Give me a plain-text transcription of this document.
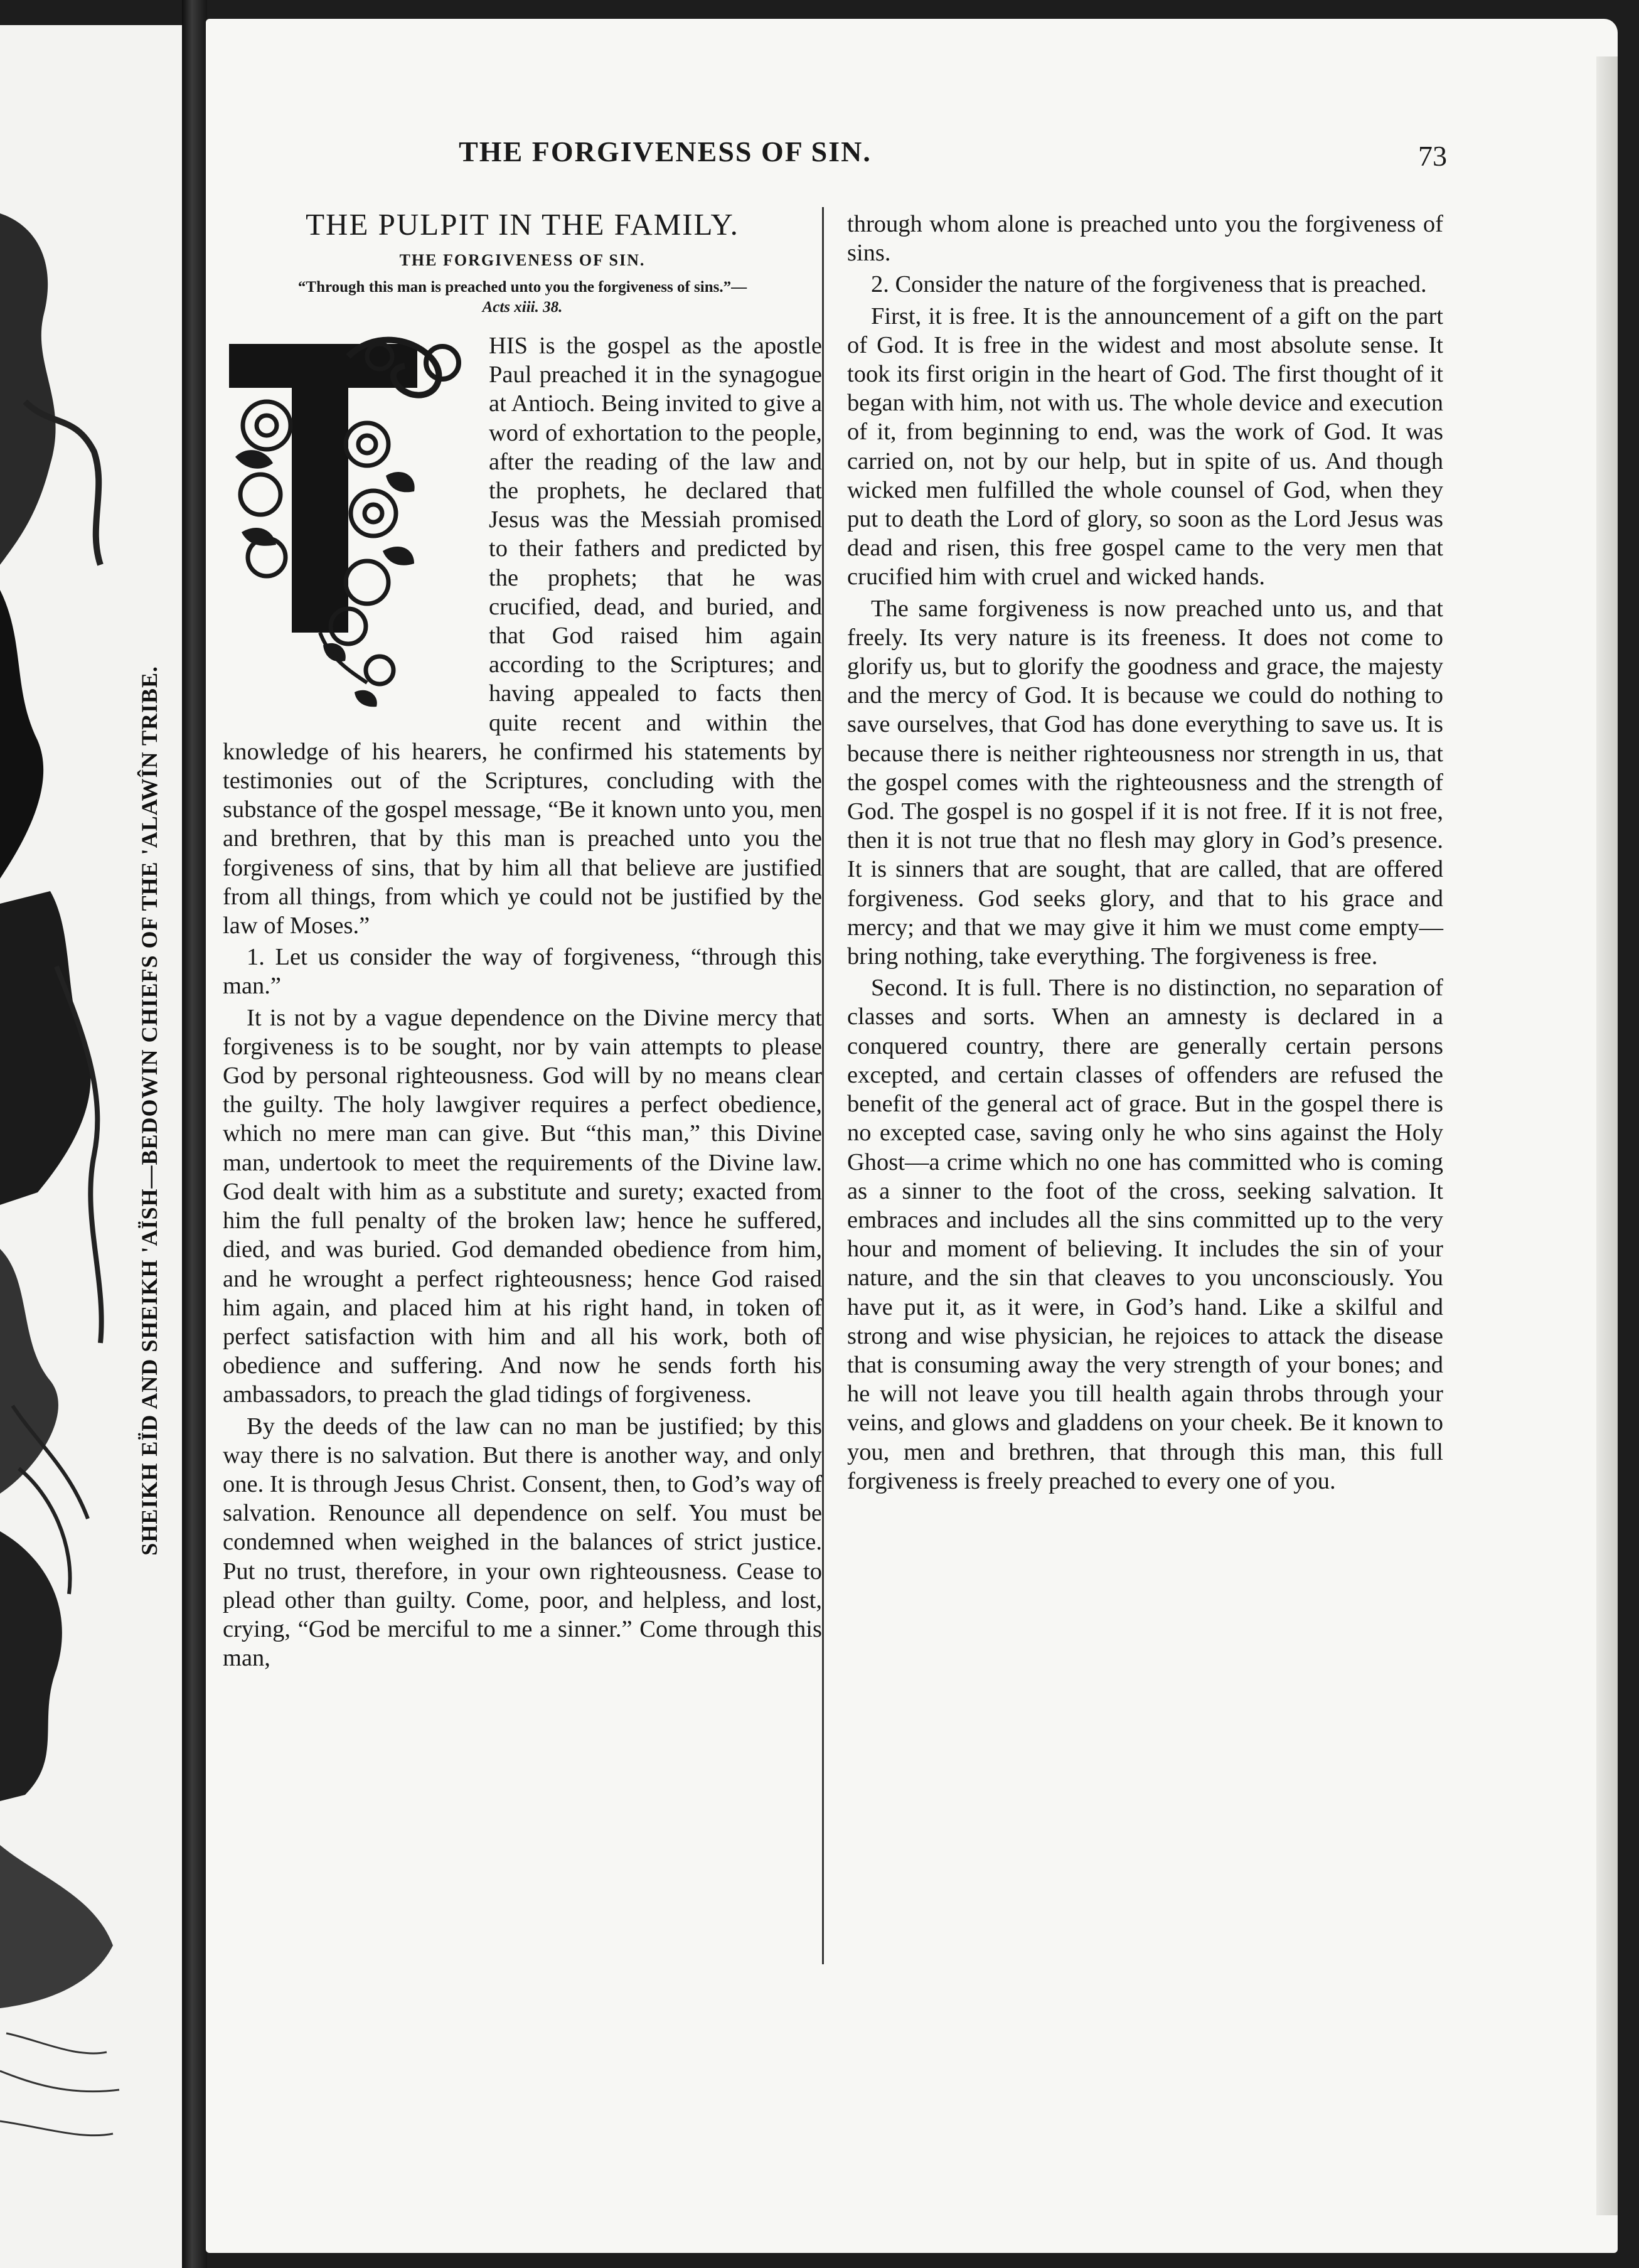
SHEIKH EÏD AND SHEIKH 'AÏSH—BEDOWIN CHIEFS OF THE 'ALAWÎN TRIBE.
THE FORGIVENESS OF SIN.	73
THE PULPIT IN THE FAMILY.
THE FORGIVENESS OF SIN.
“Through this man is preached unto you the forgiveness of sins.”—
Acts xiii. 38.

HIS is the gospel as the apostle Paul preached it in the synagogue at Antioch. Being invited to give a word of exhortation to the people, after the reading of the law and the prophets, he declared that Jesus was the Messiah promised to their fathers and predicted by the prophets; that he was crucified, dead, and buried, and that God raised him again according to the Scriptures; and having appealed to facts then quite recent and within the knowledge of his hearers, he confirmed his statements by testimonies out of the Scriptures, concluding with the substance of the gospel message, “Be it known unto you, men and brethren, that by this man is preached unto you the forgiveness of sins, that by him all that believe are justified from all things, from which ye could not be justified by the law of Moses.”

1. Let us consider the way of forgiveness, “through this man.”

It is not by a vague dependence on the Divine mercy that forgiveness is to be sought, nor by vain attempts to please God by personal righteousness. God will by no means clear the guilty. The holy lawgiver requires a perfect obedience, which no mere man can give. But “this man,” this Divine man, undertook to meet the requirements of the Divine law. God dealt with him as a substitute and surety; exacted from him the full penalty of the broken law; hence he suffered, died, and was buried. God demanded obedience from him, and he wrought a perfect righteousness; hence God raised him again, and placed him at his right hand, in token of perfect satisfaction with him and all his work, both of obedience and suffering. And now he sends forth his ambassadors, to preach the glad tidings of forgiveness.

By the deeds of the law can no man be justified; by this way there is no salvation. But there is another way, and only one. It is through Jesus Christ. Consent, then, to God’s way of salvation. Renounce all dependence on self. You must be condemned when weighed in the balances of strict justice. Put no trust, therefore, in your own righteousness. Cease to plead other than guilty. Come, poor, and helpless, and lost, crying, “God be merciful to me a sinner.” Come through this man,

through whom alone is preached unto you the forgiveness of sins.

2. Consider the nature of the forgiveness that is preached.

First, it is free. It is the announcement of a gift on the part of God. It is free in the widest and most absolute sense. It took its first origin in the heart of God. The first thought of it began with him, not with us. The whole device and execution of it, from beginning to end, was the work of God. It was carried on, not by our help, but in spite of us. And though wicked men fulfilled the whole counsel of God, when they put to death the Lord of glory, so soon as the Lord Jesus was dead and risen, this free gospel came to the very men that crucified him with cruel and wicked hands.

The same forgiveness is now preached unto us, and that freely. Its very nature is its freeness. It does not come to glorify us, but to glorify the goodness and grace, the majesty and the mercy of God. It is because we could do nothing to save ourselves, that God has done everything to save us. It is because there is neither righteousness nor strength in us, that the gospel comes with the righteousness and the strength of God. The gospel is no gospel if it is not free. If it is not free, then it is not true that no flesh may glory in God’s presence. It is sinners that are sought, that are called, that are offered forgiveness. God seeks glory, and that to his grace and mercy; and that we may give it him we must come empty—bring nothing, take everything. The forgiveness is free.

Second. It is full. There is no distinction, no separation of classes and sorts. When an amnesty is declared in a conquered country, there are generally certain persons excepted, and certain classes of offenders are refused the benefit of the general act of grace. But in the gospel there is no excepted case, saving only he who sins against the Holy Ghost—a crime which no one has committed who is coming as a sinner to the foot of the cross, seeking salvation. It embraces and includes all the sins committed up to the very hour and moment of believing. It includes the sin of your nature, and the sin that cleaves to you unconsciously. You have put it, as it were, in God’s hand. Like a skilful and strong and wise physician, he rejoices to attack the disease that is consuming away the very strength of your bones; and he will not leave you till health again throbs through your veins, and glows and gladdens on your cheek. Be it known to you, men and brethren, that through this man, this full forgiveness is freely preached to every one of you.
